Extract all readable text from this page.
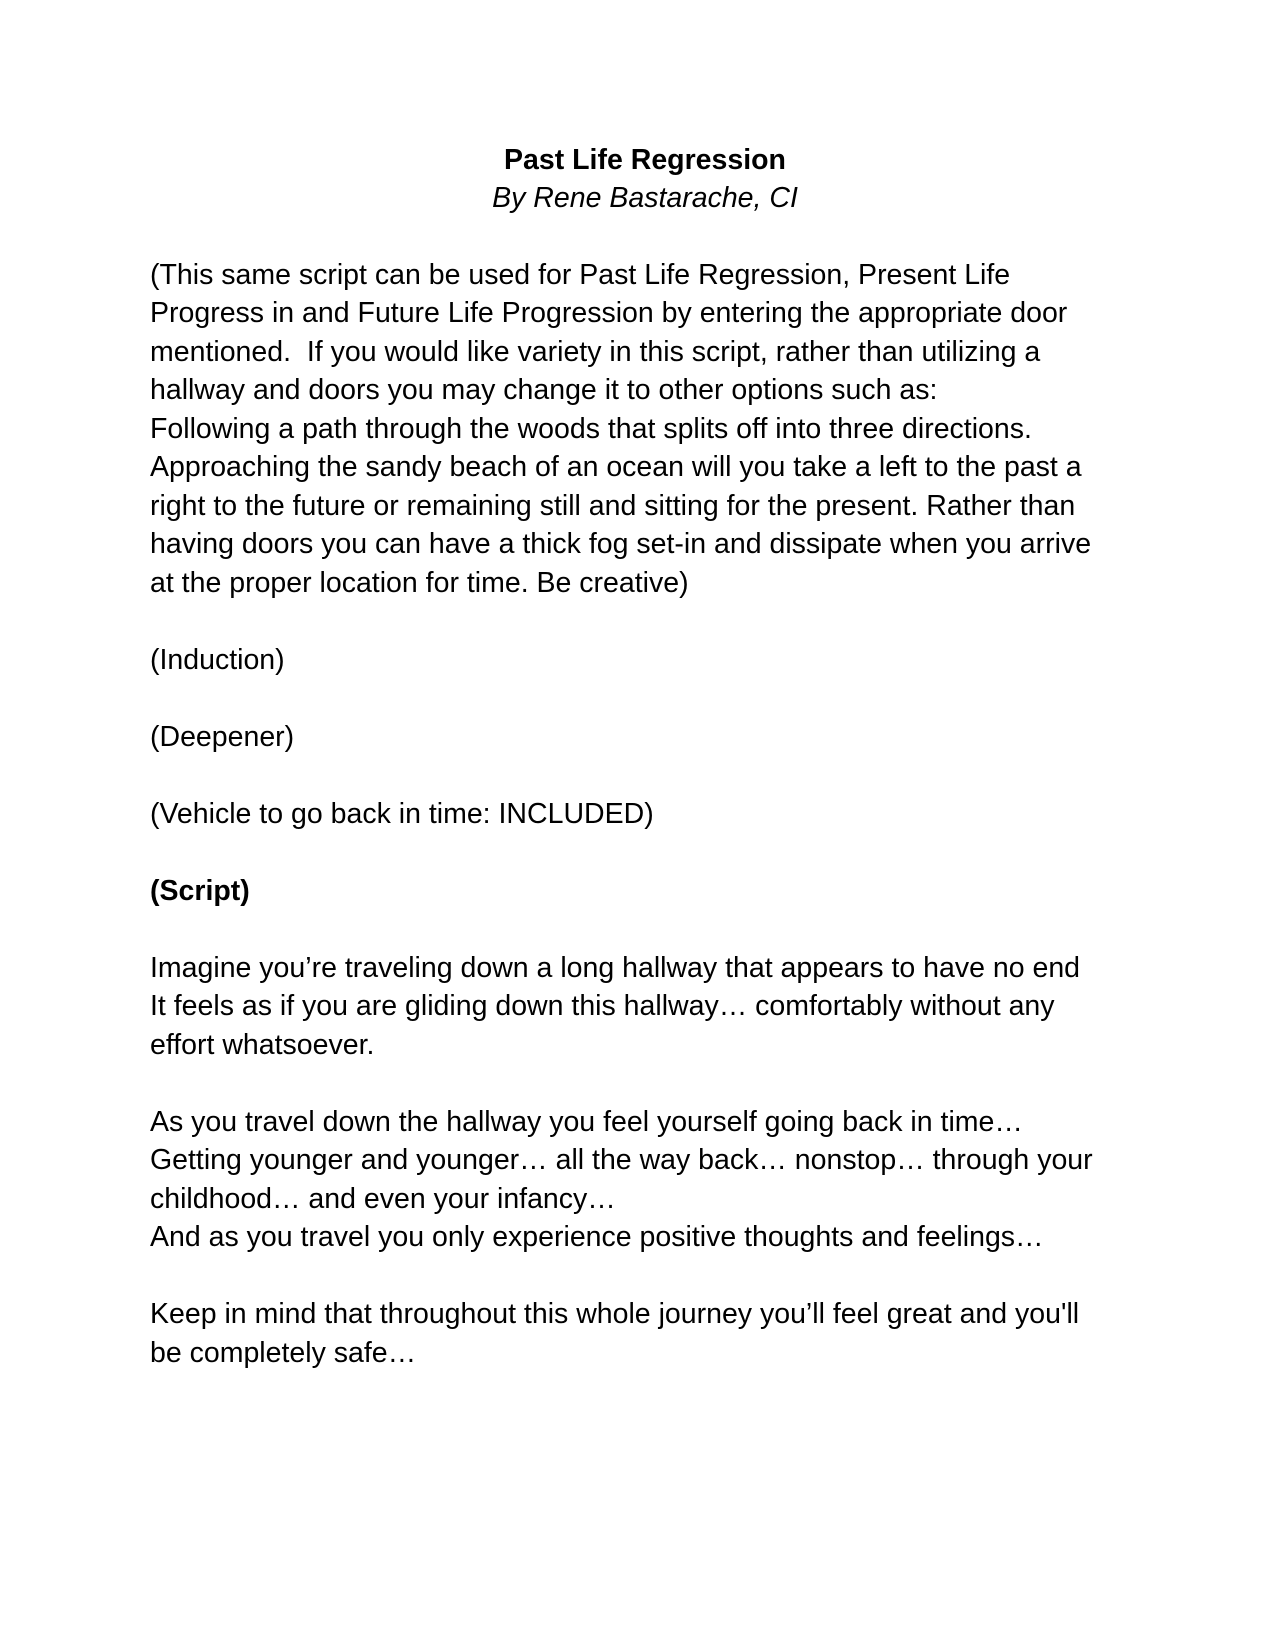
Past Life Regression

By Rene Bastarache, CI

(This same script can be used for Past Life Regression, Present Life
Progress in and Future Life Progression by entering the appropriate door
mentioned.  If you would like variety in this script, rather than utilizing a
hallway and doors you may change it to other options such as:
Following a path through the woods that splits off into three directions.
Approaching the sandy beach of an ocean will you take a left to the past a
right to the future or remaining still and sitting for the present. Rather than
having doors you can have a thick fog set-in and dissipate when you arrive
at the proper location for time. Be creative)
(Induction)
(Deepener)
(Vehicle to go back in time: INCLUDED)
(Script)
Imagine you’re traveling down a long hallway that appears to have no end
It feels as if you are gliding down this hallway… comfortably without any
effort whatsoever.
As you travel down the hallway you feel yourself going back in time…
Getting younger and younger… all the way back… nonstop… through your
childhood… and even your infancy…
And as you travel you only experience positive thoughts and feelings…
Keep in mind that throughout this whole journey you’ll feel great and you'll
be completely safe…
